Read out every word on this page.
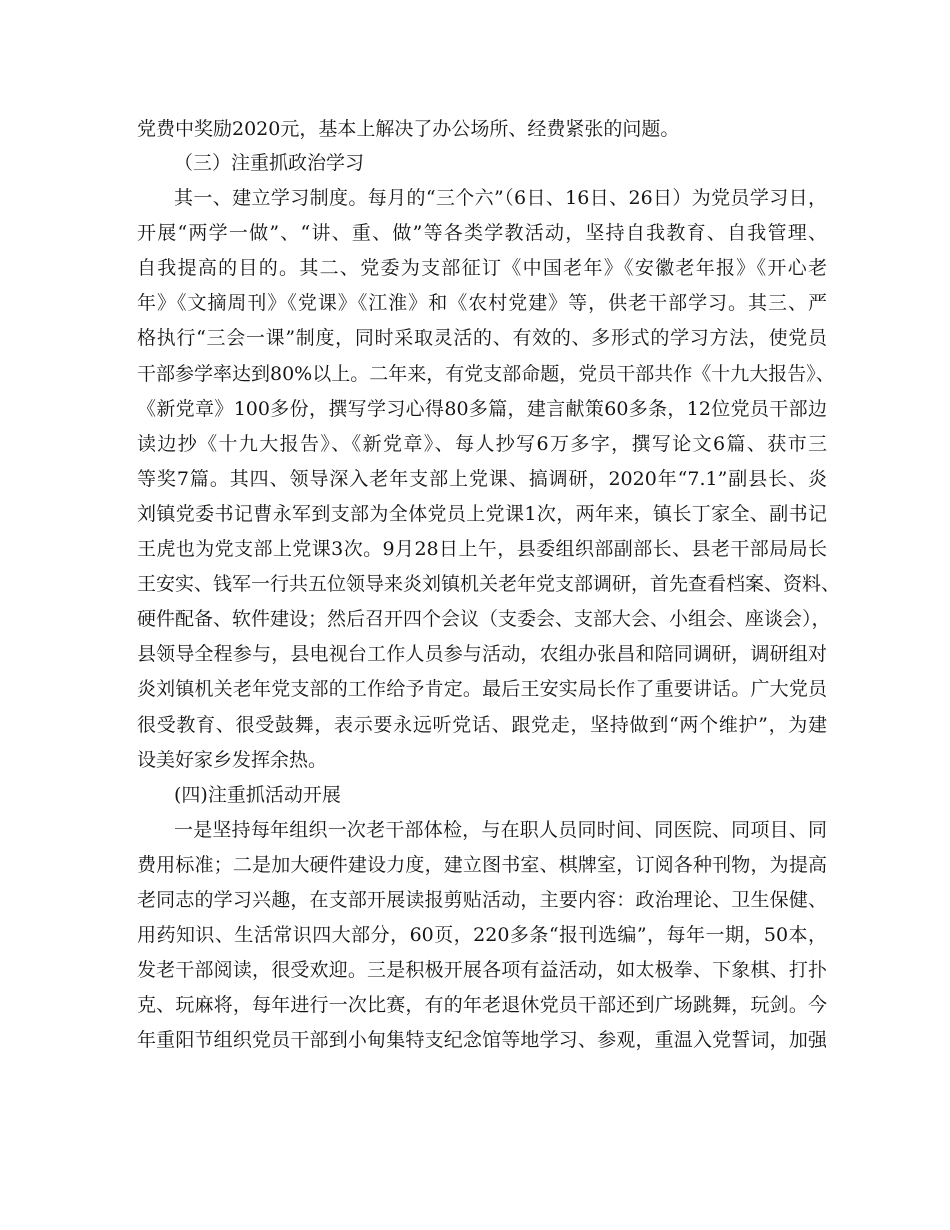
党费中奖励2020元，基本上解决了办公场所、经费紧张的问题。
（三）注重抓政治学习
其一、建立学习制度。每月的“三个六”（6日、16日、26日）为党员学习日，
开展“两学一做”、“讲、重、做”等各类学教活动，坚持自我教育、自我管理、
自我提高的目的。其二、党委为支部征订《中国老年》《安徽老年报》《开心老
年》《文摘周刊》《党课》《江淮》和《农村党建》等，供老干部学习。其三、严
格执行“三会一课”制度，同时采取灵活的、有效的、多形式的学习方法，使党员
干部参学率达到80%以上。二年来，有党支部命题，党员干部共作《十九大报告》、
《新党章》100多份，撰写学习心得80多篇，建言献策60多条，12位党员干部边
读边抄《十九大报告》、《新党章》、每人抄写6万多字，撰写论文6篇、获市三
等奖7篇。其四、领导深入老年支部上党课、搞调研，2020年“7.1”副县长、炎
刘镇党委书记曹永军到支部为全体党员上党课1次，两年来，镇长丁家全、副书记
王虎也为党支部上党课3次。9月28日上午，县委组织部副部长、县老干部局局长
王安实、钱军一行共五位领导来炎刘镇机关老年党支部调研，首先查看档案、资料、
硬件配备、软件建设；然后召开四个会议（支委会、支部大会、小组会、座谈会），
县领导全程参与，县电视台工作人员参与活动，农组办张昌和陪同调研，调研组对
炎刘镇机关老年党支部的工作给予肯定。最后王安实局长作了重要讲话。广大党员
很受教育、很受鼓舞，表示要永远听党话、跟党走，坚持做到“两个维护”，为建
设美好家乡发挥余热。
(四)注重抓活动开展
一是坚持每年组织一次老干部体检，与在职人员同时间、同医院、同项目、同
费用标准；二是加大硬件建设力度，建立图书室、棋牌室，订阅各种刊物，为提高
老同志的学习兴趣，在支部开展读报剪贴活动，主要内容：政治理论、卫生保健、
用药知识、生活常识四大部分，60页，220多条“报刊选编”，每年一期，50本，
发老干部阅读，很受欢迎。三是积极开展各项有益活动，如太极拳、下象棋、打扑
克、玩麻将，每年进行一次比赛，有的年老退休党员干部还到广场跳舞，玩剑。今
年重阳节组织党员干部到小甸集特支纪念馆等地学习、参观，重温入党誓词，加强
